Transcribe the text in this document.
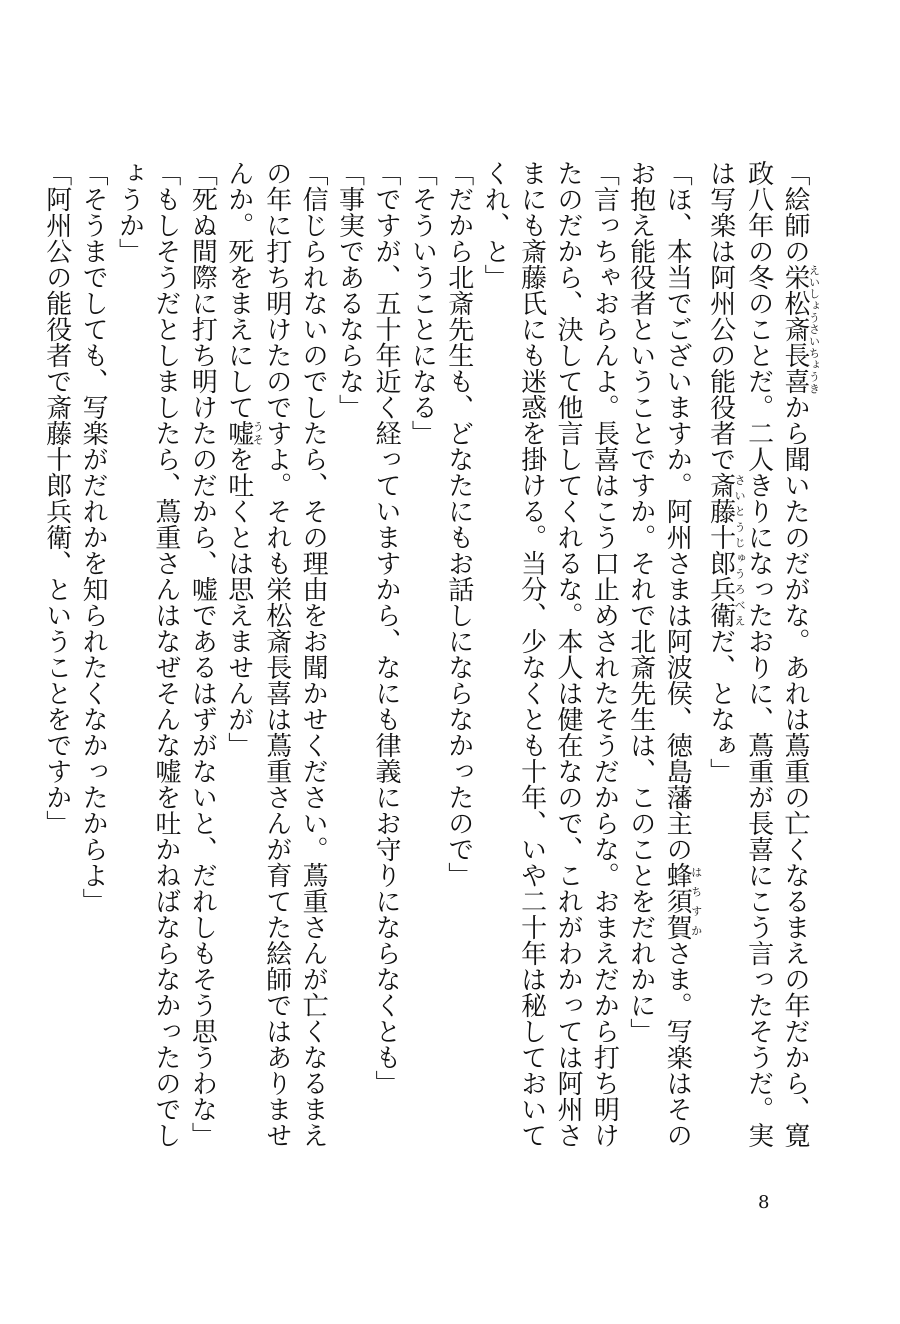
「絵師の栄松斎長喜えいしょうさいちょうきから聞いたのだがな。あれは蔦重の亡くなるまえの年だから、寛政八年の冬のことだ。二人きりになったおりに、蔦重が長喜にこう言ったそうだ。実は写楽は阿州公の能役者で斎藤十郎兵衛さいとうじゅうろべえだ、となぁ」

「ほ、本当でございますか。阿州さまは阿波侯、徳島藩主の蜂須賀はちすかさま。写楽はそのお抱え能役者ということですか。それで北斎先生は、このことをだれかに」

「言っちゃおらんよ。長喜はこう口止めされたそうだからな。おまえだから打ち明けたのだから、決して他言してくれるな。本人は健在なので、これがわかっては阿州さまにも斎藤氏にも迷惑を掛ける。当分、少なくとも十年、いや二十年は秘しておいてくれ、と」

「だから北斎先生も、どなたにもお話しにならなかったので」

「そういうことになる」

「ですが、五十年近く経っていますから、なにも律義にお守りにならなくとも」

「事実であるならな」

「信じられないのでしたら、その理由をお聞かせください。蔦重さんが亡くなるまえの年に打ち明けたのですよ。それも栄松斎長喜は蔦重さんが育てた絵師ではありませんか。死をまえにして嘘うそを吐くとは思えませんが」

「死ぬ間際に打ち明けたのだから、嘘であるはずがないと、だれしもそう思うわな」

「もしそうだとしましたら、蔦重さんはなぜそんな嘘を吐かねばならなかったのでしょうか」

「そうまでしても、写楽がだれかを知られたくなかったからよ」

「阿州公の能役者で斎藤十郎兵衛、ということをですか」

8
